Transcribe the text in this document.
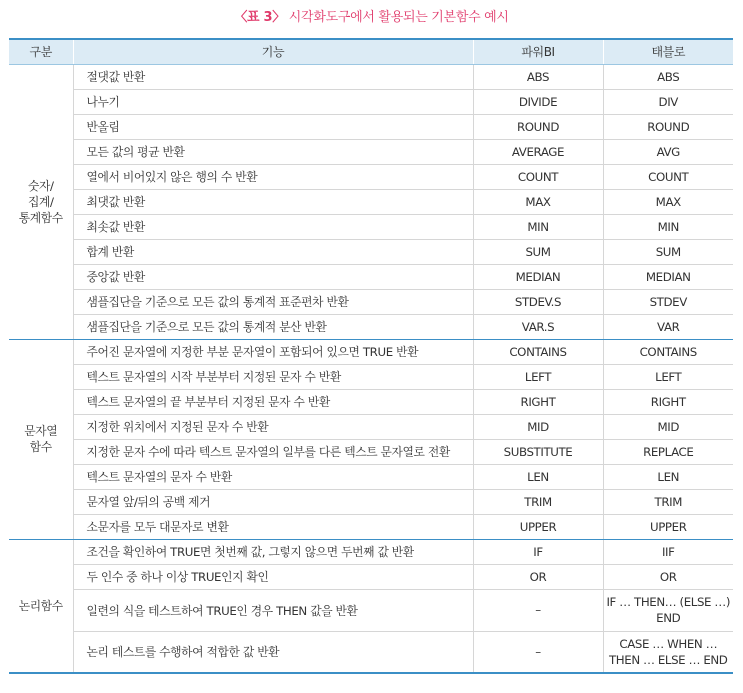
〈표 3〉 시각화도구에서 활용되는 기본함수 예시
구분	기능	파워BI	태블로
숫자/
집계/
통계함수	절댓값 반환	ABS	ABS
	나누기	DIVIDE	DIV
	반올림	ROUND	ROUND
	모든 값의 평균 반환	AVERAGE	AVG
	열에서 비어있지 않은 행의 수 반환	COUNT	COUNT
	최댓값 반환	MAX	MAX
	최솟값 반환	MIN	MIN
	합계 반환	SUM	SUM
	중앙값 반환	MEDIAN	MEDIAN
	샘플집단을 기준으로 모든 값의 통계적 표준편차 반환	STDEV.S	STDEV
	샘플집단을 기준으로 모든 값의 통계적 분산 반환	VAR.S	VAR
문자열
함수	주어진 문자열에 지정한 부분 문자열이 포함되어 있으면 TRUE 반환	CONTAINS	CONTAINS
	텍스트 문자열의 시작 부분부터 지정된 문자 수 반환	LEFT	LEFT
	텍스트 문자열의 끝 부분부터 지정된 문자 수 반환	RIGHT	RIGHT
	지정한 위치에서 지정된 문자 수 반환	MID	MID
	지정한 문자 수에 따라 텍스트 문자열의 일부를 다른 텍스트 문자열로 전환	SUBSTITUTE	REPLACE
	텍스트 문자열의 문자 수 반환	LEN	LEN
	문자열 앞/뒤의 공백 제거	TRIM	TRIM
	소문자를 모두 대문자로 변환	UPPER	UPPER
논리함수	조건을 확인하여 TRUE면 첫번째 값, 그렇지 않으면 두번째 값 반환	IF	IIF
	두 인수 중 하나 이상 TRUE인지 확인	OR	OR
	일련의 식을 테스트하여 TRUE인 경우 THEN 값을 반환	–	IF … THEN… (ELSE …)
END
	논리 테스트를 수행하여 적합한 값 반환	–	CASE … WHEN …
THEN … ELSE … END
